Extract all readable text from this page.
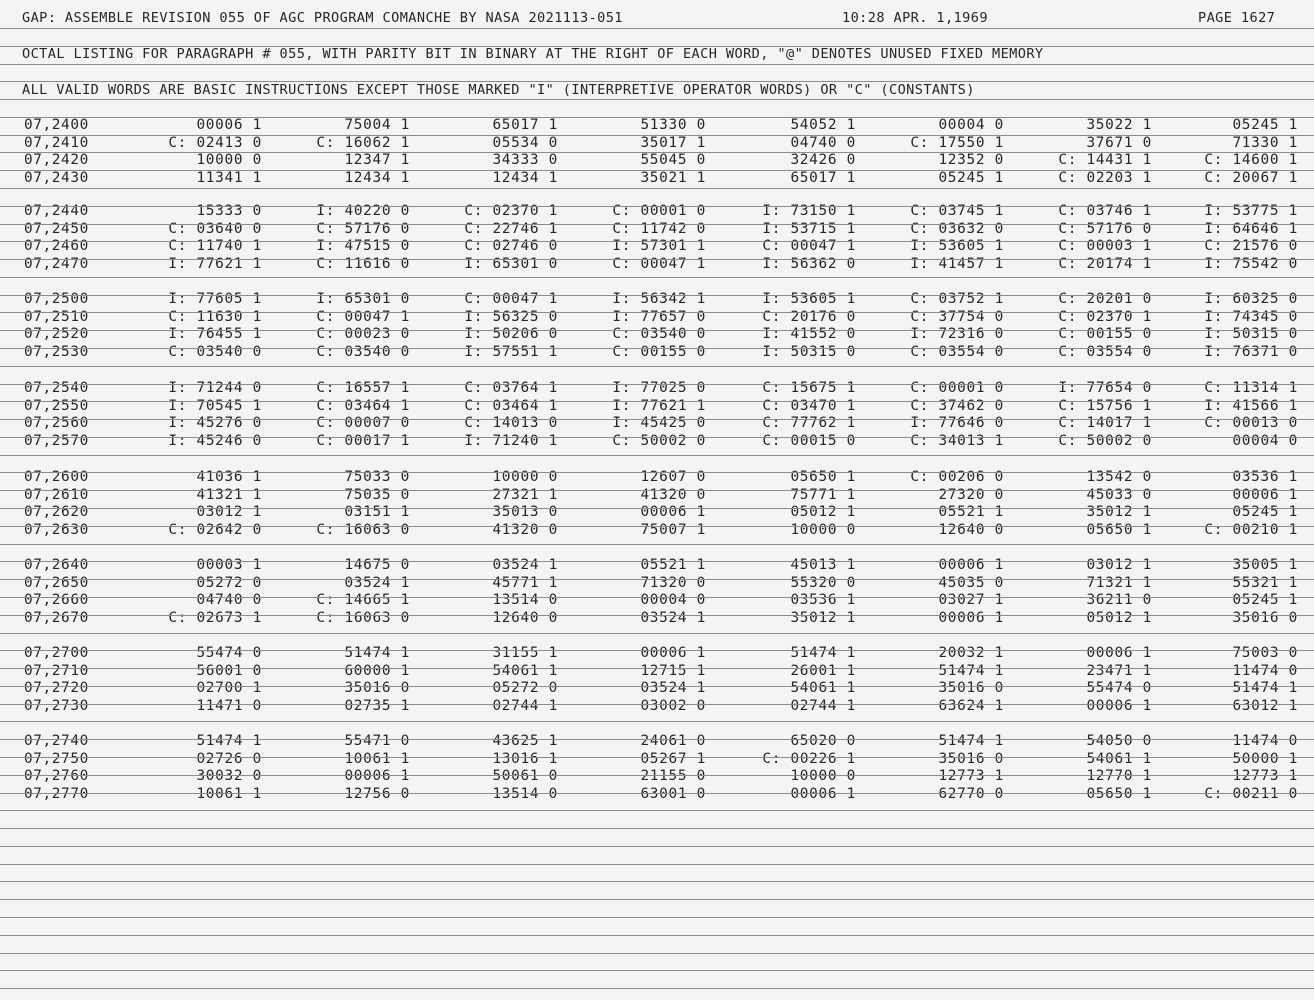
GAP: ASSEMBLE REVISION 055 OF AGC PROGRAM COMANCHE BY NASA 2021113-051	10:28 APR. 1,1969	PAGE 1627
OCTAL LISTING FOR PARAGRAPH # 055, WITH PARITY BIT IN BINARY AT THE RIGHT OF EACH WORD, "@" DENOTES UNUSED FIXED MEMORY
ALL VALID WORDS ARE BASIC INSTRUCTIONS EXCEPT THOSE MARKED "I" (INTERPRETIVE OPERATOR WORDS) OR "C" (CONSTANTS)
07,2400	00006 1	75004 1	65017 1	51330 0	54052 1	00004 0	35022 1	05245 1
07,2410	C: 02413 0	C: 16062 1	05534 0	35017 1	04740 0	C: 17550 1	37671 0	71330 1
07,2420	10000 0	12347 1	34333 0	55045 0	32426 0	12352 0	C: 14431 1	C: 14600 1
07,2430	11341 1	12434 1	12434 1	35021 1	65017 1	05245 1	C: 02203 1	C: 20067 1
07,2440	15333 0	I: 40220 0	C: 02370 1	C: 00001 0	I: 73150 1	C: 03745 1	C: 03746 1	I: 53775 1
07,2450	C: 03640 0	C: 57176 0	C: 22746 1	C: 11742 0	I: 53715 1	C: 03632 0	C: 57176 0	I: 64646 1
07,2460	C: 11740 1	I: 47515 0	C: 02746 0	I: 57301 1	C: 00047 1	I: 53605 1	C: 00003 1	C: 21576 0
07,2470	I: 77621 1	C: 11616 0	I: 65301 0	C: 00047 1	I: 56362 0	I: 41457 1	C: 20174 1	I: 75542 0
07,2500	I: 77605 1	I: 65301 0	C: 00047 1	I: 56342 1	I: 53605 1	C: 03752 1	C: 20201 0	I: 60325 0
07,2510	C: 11630 1	C: 00047 1	I: 56325 0	I: 77657 0	C: 20176 0	C: 37754 0	C: 02370 1	I: 74345 0
07,2520	I: 76455 1	C: 00023 0	I: 50206 0	C: 03540 0	I: 41552 0	I: 72316 0	C: 00155 0	I: 50315 0
07,2530	C: 03540 0	C: 03540 0	I: 57551 1	C: 00155 0	I: 50315 0	C: 03554 0	C: 03554 0	I: 76371 0
07,2540	I: 71244 0	C: 16557 1	C: 03764 1	I: 77025 0	C: 15675 1	C: 00001 0	I: 77654 0	C: 11314 1
07,2550	I: 70545 1	C: 03464 1	C: 03464 1	I: 77621 1	C: 03470 1	C: 37462 0	C: 15756 1	I: 41566 1
07,2560	I: 45276 0	C: 00007 0	C: 14013 0	I: 45425 0	C: 77762 1	I: 77646 0	C: 14017 1	C: 00013 0
07,2570	I: 45246 0	C: 00017 1	I: 71240 1	C: 50002 0	C: 00015 0	C: 34013 1	C: 50002 0	00004 0
07,2600	41036 1	75033 0	10000 0	12607 0	05650 1	C: 00206 0	13542 0	03536 1
07,2610	41321 1	75035 0	27321 1	41320 0	75771 1	27320 0	45033 0	00006 1
07,2620	03012 1	03151 1	35013 0	00006 1	05012 1	05521 1	35012 1	05245 1
07,2630	C: 02642 0	C: 16063 0	41320 0	75007 1	10000 0	12640 0	05650 1	C: 00210 1
07,2640	00003 1	14675 0	03524 1	05521 1	45013 1	00006 1	03012 1	35005 1
07,2650	05272 0	03524 1	45771 1	71320 0	55320 0	45035 0	71321 1	55321 1
07,2660	04740 0	C: 14665 1	13514 0	00004 0	03536 1	03027 1	36211 0	05245 1
07,2670	C: 02673 1	C: 16063 0	12640 0	03524 1	35012 1	00006 1	05012 1	35016 0
07,2700	55474 0	51474 1	31155 1	00006 1	51474 1	20032 1	00006 1	75003 0
07,2710	56001 0	60000 1	54061 1	12715 1	26001 1	51474 1	23471 1	11474 0
07,2720	02700 1	35016 0	05272 0	03524 1	54061 1	35016 0	55474 0	51474 1
07,2730	11471 0	02735 1	02744 1	03002 0	02744 1	63624 1	00006 1	63012 1
07,2740	51474 1	55471 0	43625 1	24061 0	65020 0	51474 1	54050 0	11474 0
07,2750	02726 0	10061 1	13016 1	05267 1	C: 00226 1	35016 0	54061 1	50000 1
07,2760	30032 0	00006 1	50061 0	21155 0	10000 0	12773 1	12770 1	12773 1
07,2770	10061 1	12756 0	13514 0	63001 0	00006 1	62770 0	05650 1	C: 00211 0
